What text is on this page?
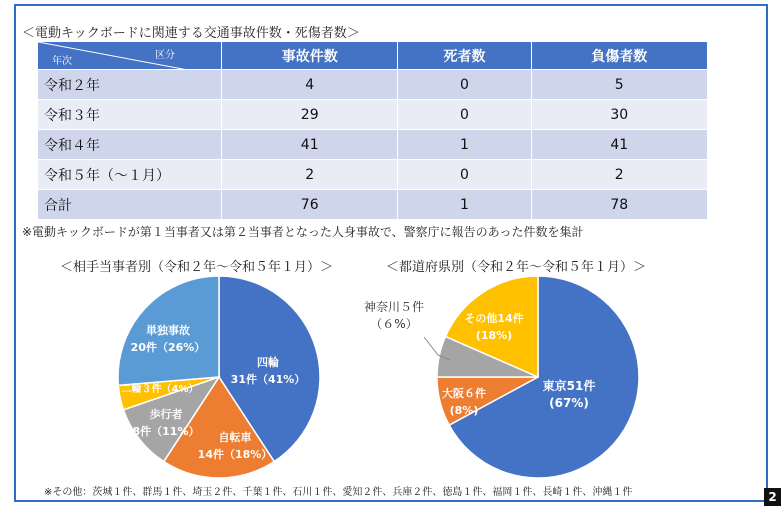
＜電動キックボードに関連する交通事故件数・死傷者数＞
区分
年次	事故件数	死者数	負傷者数
令和２年	4	0	5
令和３年	29	0	30
令和４年	41	1	41
令和５年（～１月）	2	0	2
合計	76	1	78
※電動キックボードが第１当事者又は第２当事者となった人身事故で、警察庁に報告のあった件数を集計
＜相手当事者別（令和２年～令和５年１月）＞	＜都道府県別（令和２年～令和５年１月）＞
四輪
31件（41%）
自転車
14件（18%）
歩行者
8件（11%）
二輪３件（4%）
単独事故
20件（26%）
東京51件
(67%)
大阪６件
(8%)
神奈川５件
（６%）	その他14件
(18%)
※その他：茨城１件、群馬１件、埼玉２件、千葉１件、石川１件、愛知２件、兵庫２件、徳島１件、福岡１件、長崎１件、沖縄１件	2
